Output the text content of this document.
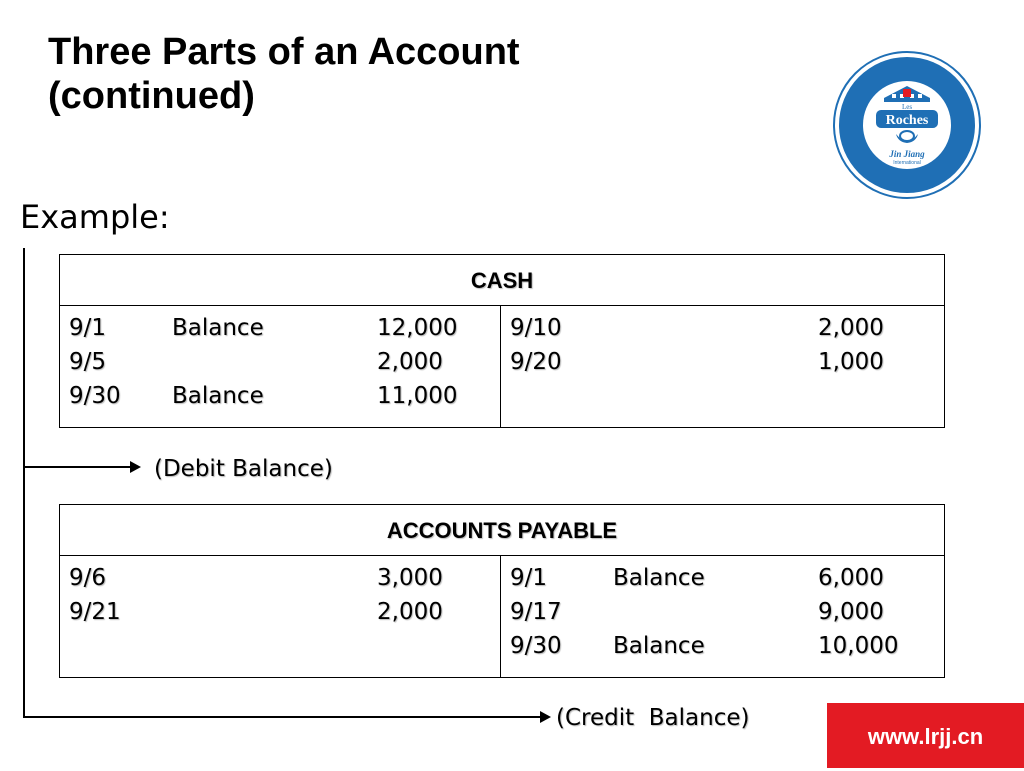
Three Parts of an Account
(continued)	Les
Roches
Jin Jiang
International
Example:
CASH
9/1	Balance	12,000
9/5	2,000
9/30 Balance	11,000
9/10	2,000
9/20	1,000
(Debit Balance)
ACCOUNTS PAYABLE
9/6	3,000
9/21	2,000
9/1	Balance	6,000
9/17	9,000
9/30 Balance	10,000
(Credit  Balance)
www.lrjj.cn
